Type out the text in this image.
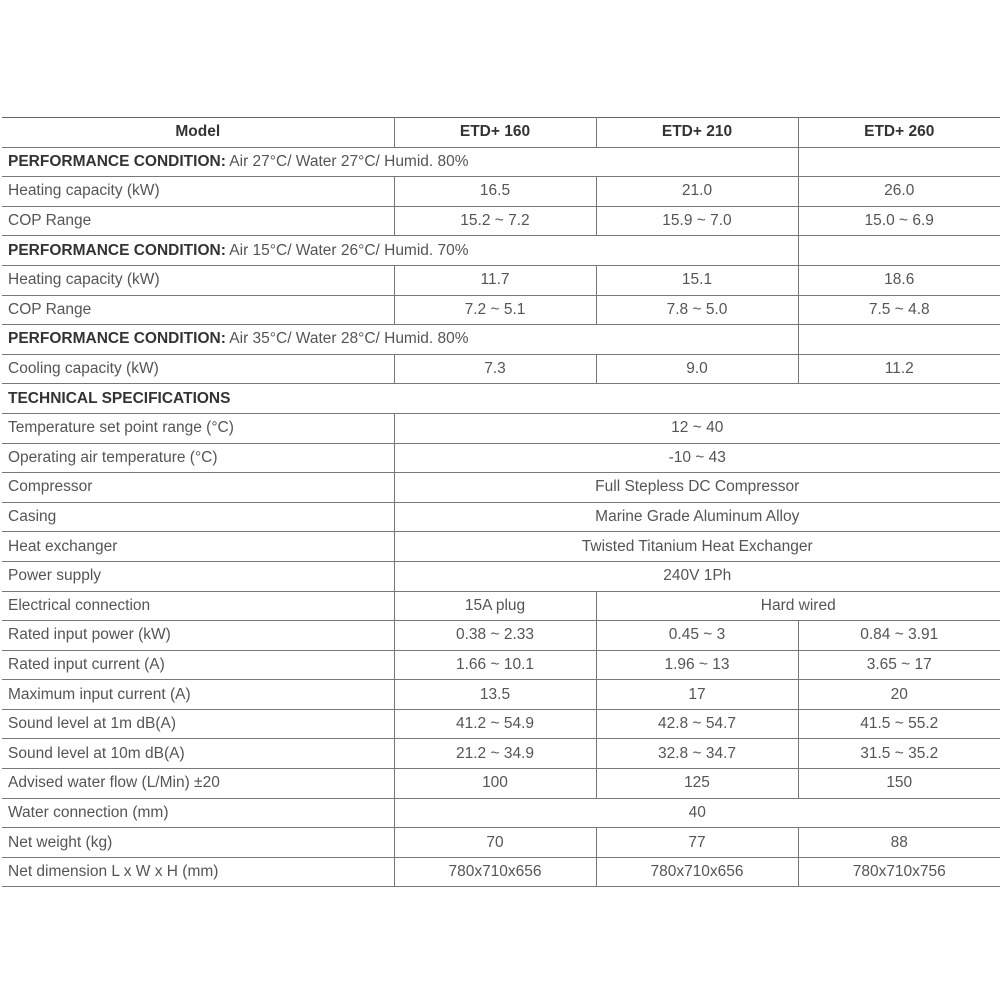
Model	ETD+ 160	ETD+ 210	ETD+ 260
PERFORMANCE CONDITION: Air 27°C/ Water 27°C/ Humid. 80%			
Heating capacity (kW)	16.5	21.0	26.0
COP Range	15.2 ~ 7.2	15.9 ~ 7.0	15.0 ~ 6.9
PERFORMANCE CONDITION: Air 15°C/ Water 26°C/ Humid. 70%			
Heating capacity (kW)	11.7	15.1	18.6
COP Range	7.2 ~ 5.1	7.8 ~ 5.0	7.5 ~ 4.8
PERFORMANCE CONDITION: Air 35°C/ Water 28°C/ Humid. 80%			
Cooling capacity (kW)	7.3	9.0	11.2
TECHNICAL SPECIFICATIONS			
Temperature set point range (°C)	12 ~ 40		
Operating air temperature (°C)	-10 ~ 43		
Compressor	Full Stepless DC Compressor		
Casing	Marine Grade Aluminum Alloy		
Heat exchanger	Twisted Titanium Heat Exchanger		
Power supply	240V 1Ph		
Electrical connection	15A plug	Hard wired	
Rated input power (kW)	0.38 ~ 2.33	0.45 ~ 3	0.84 ~ 3.91
Rated input current (A)	1.66 ~ 10.1	1.96 ~ 13	3.65 ~ 17
Maximum input current (A)	13.5	17	20
Sound level at 1m dB(A)	41.2 ~ 54.9	42.8 ~ 54.7	41.5 ~ 55.2
Sound level at 10m dB(A)	21.2 ~ 34.9	32.8 ~ 34.7	31.5 ~ 35.2
Advised water flow (L/Min) ±20	100	125	150
Water connection (mm)	40		
Net weight (kg)	70	77	88
Net dimension L x W x H (mm)	780x710x656	780x710x656	780x710x756
